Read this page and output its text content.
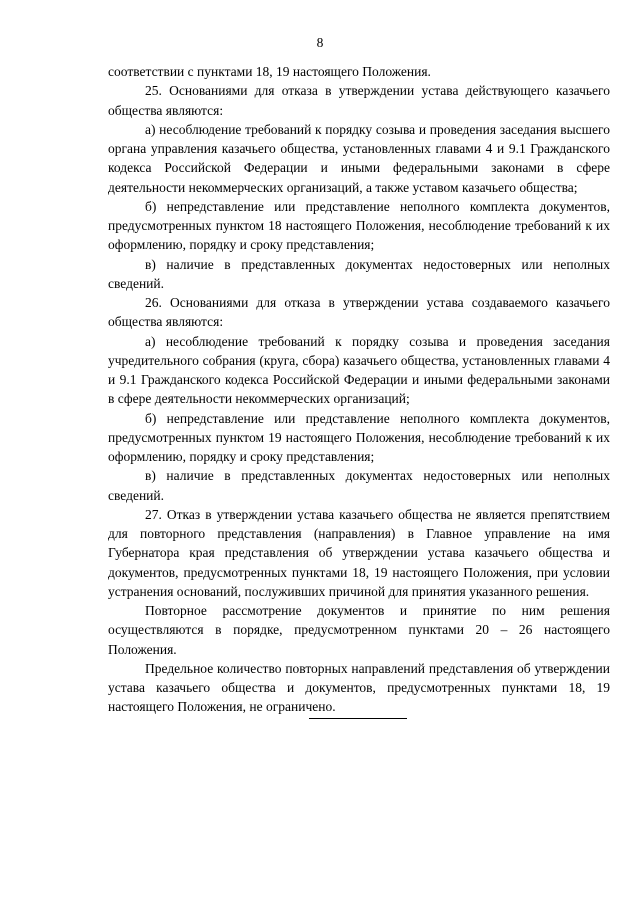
8

соответствии с пунктами 18, 19 настоящего Положения.

25. Основаниями для отказа в утверждении устава действующего казачьего общества являются:

а) несоблюдение требований к порядку созыва и проведения заседания высшего органа управления казачьего общества, установленных главами 4 и 9.1 Гражданского кодекса Российской Федерации и иными федеральными законами в сфере деятельности некоммерческих организаций, а также уставом казачьего общества;

б) непредставление или представление неполного комплекта документов, предусмотренных пунктом 18 настоящего Положения, несоблюдение требований к их оформлению, порядку и сроку представления;

в) наличие в представленных документах недостоверных или неполных сведений.

26. Основаниями для отказа в утверждении устава создаваемого казачьего общества являются:

а) несоблюдение требований к порядку созыва и проведения заседания учредительного собрания (круга, сбора) казачьего общества, установленных главами 4 и 9.1 Гражданского кодекса Российской Федерации и иными федеральными законами в сфере деятельности некоммерческих организаций;

б) непредставление или представление неполного комплекта документов, предусмотренных пунктом 19 настоящего Положения, несоблюдение требований к их оформлению, порядку и сроку представления;

в) наличие в представленных документах недостоверных или неполных сведений.

27. Отказ в утверждении устава казачьего общества не является препятствием для повторного представления (направления) в Главное управление на имя Губернатора края представления об утверждении устава казачьего общества и документов, предусмотренных пунктами 18, 19 настоящего Положения, при условии устранения оснований, послуживших причиной для принятия указанного решения.

Повторное рассмотрение документов и принятие по ним решения осуществляются в порядке, предусмотренном пунктами 20 – 26 настоящего Положения.

Предельное количество повторных направлений представления об утверждении устава казачьего общества и документов, предусмотренных пунктами 18, 19 настоящего Положения, не ограничено.
